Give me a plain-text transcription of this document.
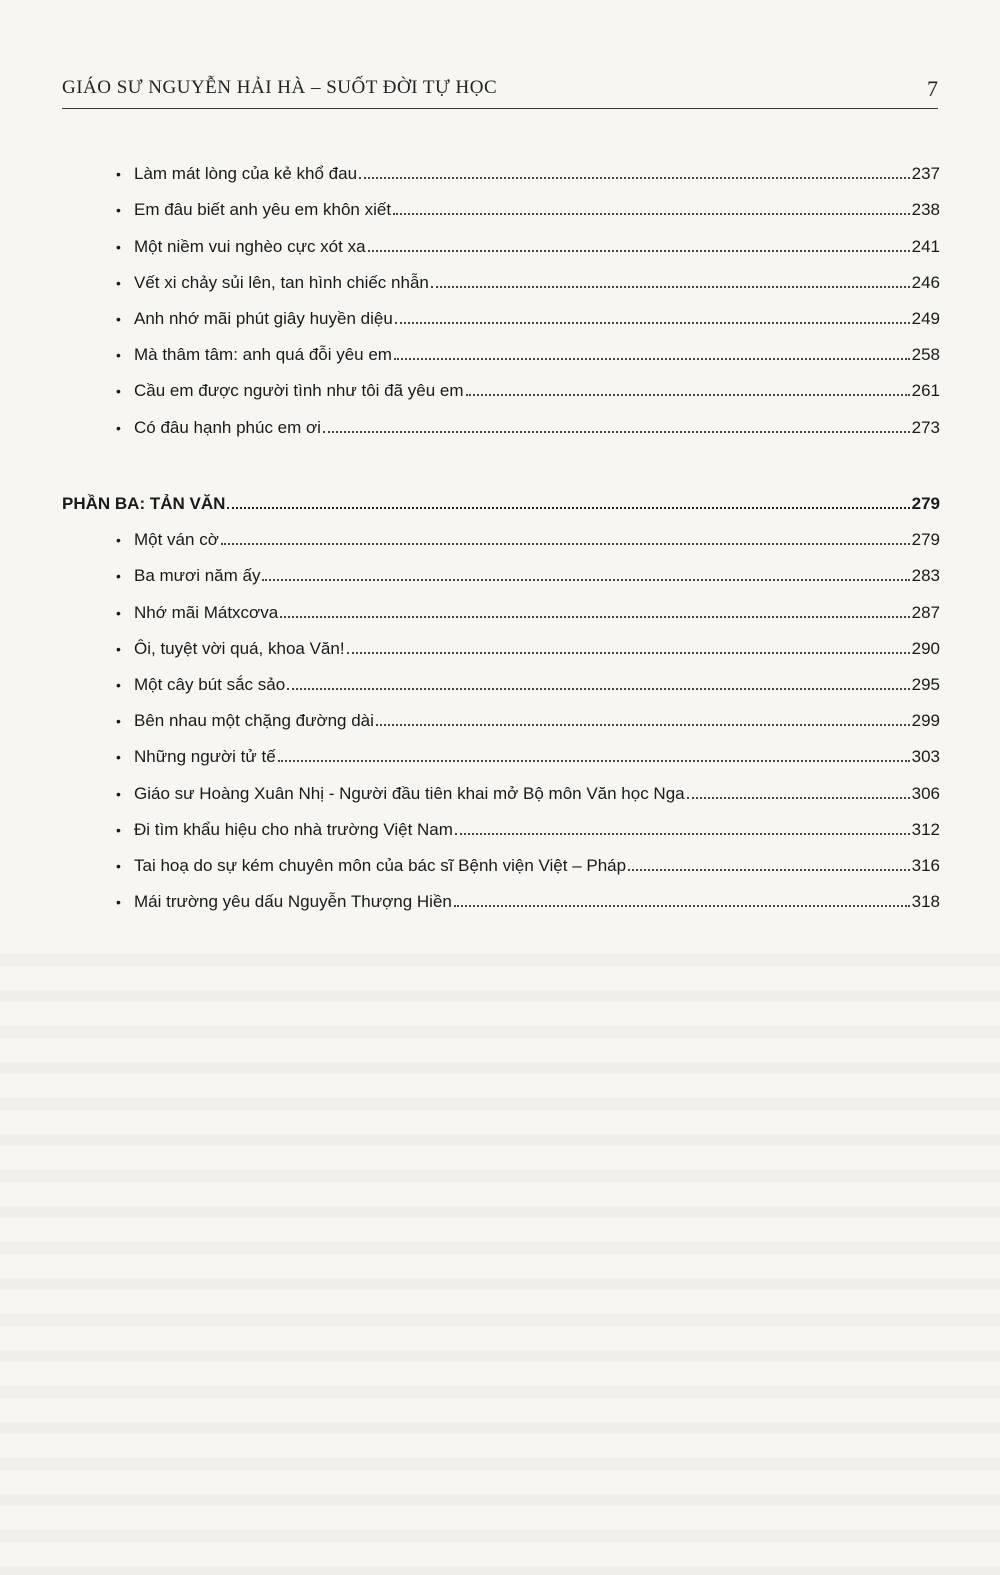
GIÁO SƯ NGUYỄN HẢI HÀ – SUỐT ĐỜI TỰ HỌC	7
• Làm mát lòng của kẻ khổ đau	237
• Em đâu biết anh yêu em khôn xiết	238
• Một niềm vui nghèo cực xót xa	241
• Vết xi chảy sủi lên, tan hình chiếc nhẫn	246
• Anh nhớ mãi phút giây huyền diệu	249
• Mà thâm tâm: anh quá đỗi yêu em	258
• Cầu em được người tình như tôi đã yêu em	261
• Có đâu hạnh phúc em ơi	273
PHẦN BA: TẢN VĂN	279
• Một ván cờ	279
• Ba mươi năm ấy	283
• Nhớ mãi Mátxcơva	287
• Ôi, tuyệt vời quá, khoa Văn!	290
• Một cây bút sắc sảo	295
• Bên nhau một chặng đường dài	299
• Những người tử tế	303
• Giáo sư Hoàng Xuân Nhị - Người đầu tiên khai mở Bộ môn Văn học Nga	306
• Đi tìm khẩu hiệu cho nhà trường Việt Nam	312
• Tai hoạ do sự kém chuyên môn của bác sĩ Bệnh viện Việt – Pháp	316
• Mái trường yêu dấu Nguyễn Thượng Hiền	318
